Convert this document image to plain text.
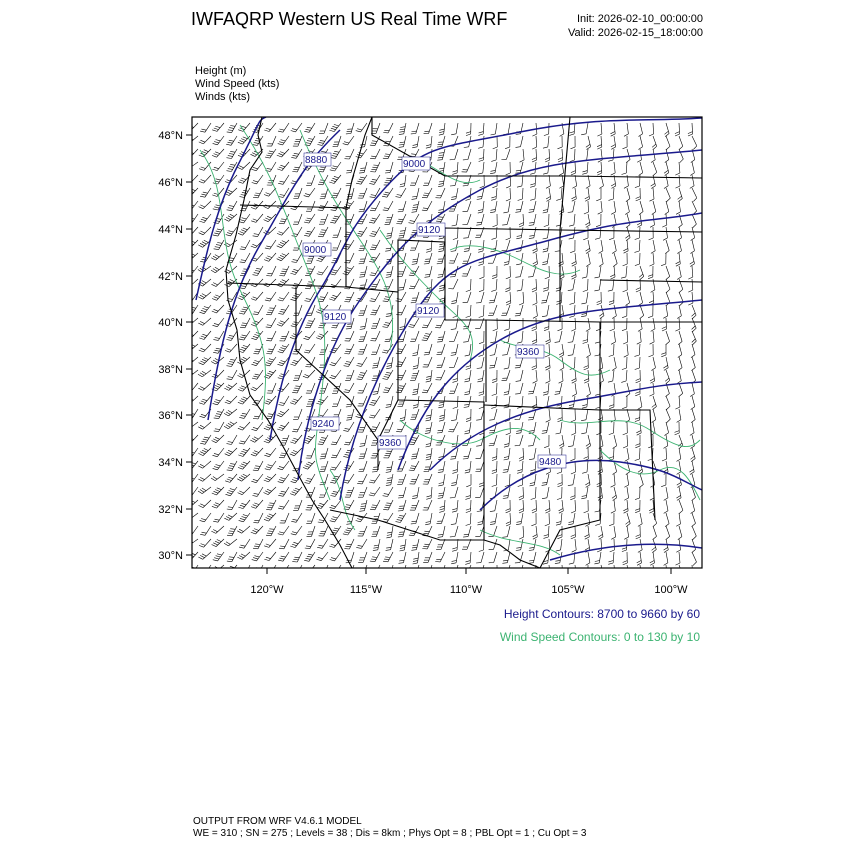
IWFAQRP Western US Real Time WRF	Init: 2026-02-10_00:00:00
Valid: 2026-02-15_18:00:00
Height (m)
Wind Speed (kts)
Winds (kts)
8880	9000
9000
9120
9120
9120
9360
9240
9360
9480
48°N
46°N
44°N
42°N
40°N
38°N
36°N
34°N
32°N
30°N
120°W	115°W	110°W	105°W	100°W
Height Contours: 8700 to 9660 by 60
Wind Speed Contours: 0 to 130 by 10
OUTPUT FROM WRF V4.6.1 MODEL
WE = 310 ; SN = 275 ; Levels = 38 ; Dis = 8km ; Phys Opt = 8 ; PBL Opt = 1 ; Cu Opt = 3
